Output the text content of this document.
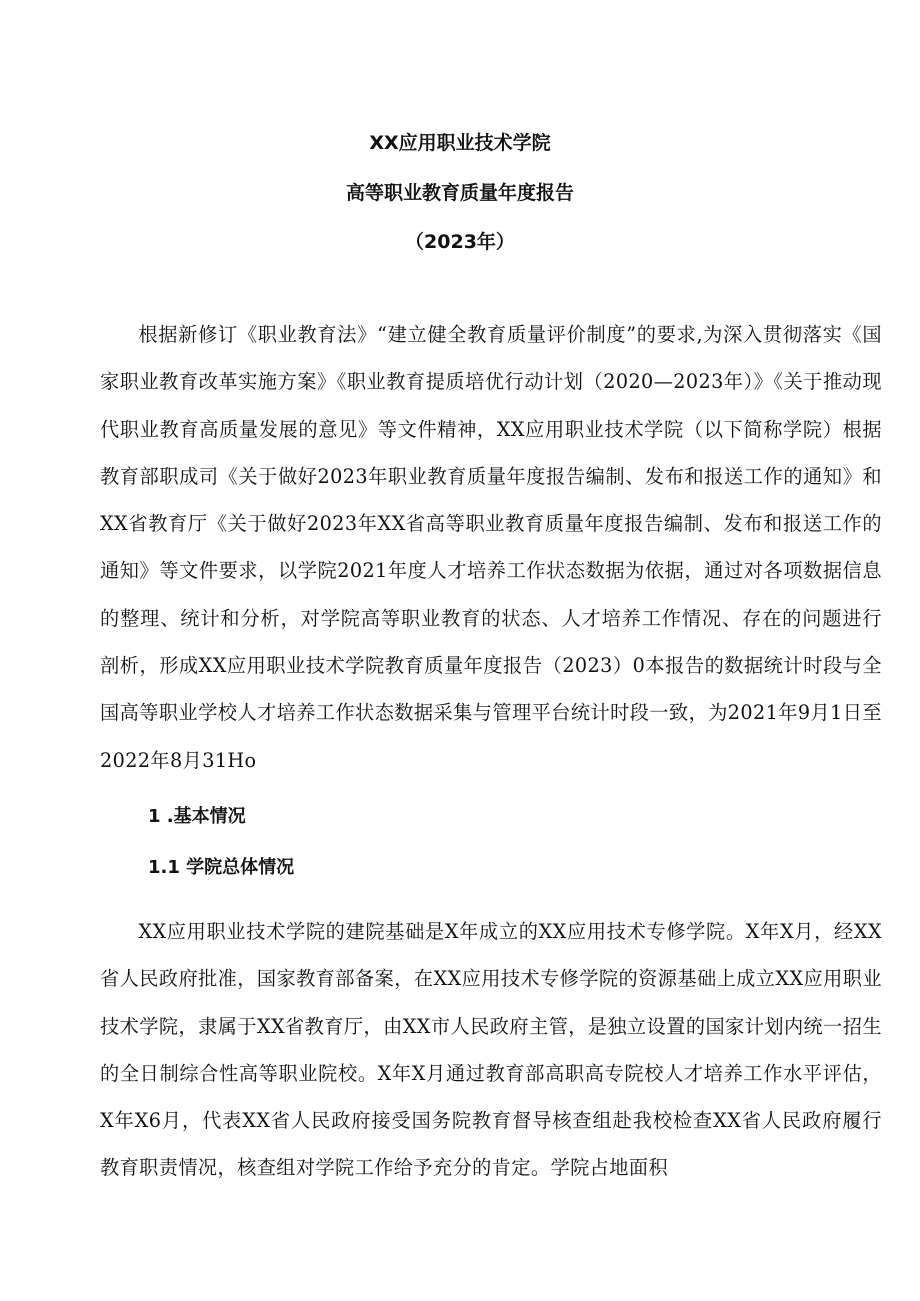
XX应用职业技术学院
高等职业教育质量年度报告
（2023年）

根据新修订《职业教育法》“建立健全教育质量评价制度”的要求,为深入贯彻落实《国家职业教育改革实施方案》《职业教育提质培优行动计划（2020—2023年）》《关于推动现代职业教育高质量发展的意见》等文件精神，XX应用职业技术学院（以下简称学院）根据教育部职成司《关于做好2023年职业教育质量年度报告编制、发布和报送工作的通知》和XX省教育厅《关于做好2023年XX省高等职业教育质量年度报告编制、发布和报送工作的通知》等文件要求，以学院2021年度人才培养工作状态数据为依据，通过对各项数据信息的整理、统计和分析，对学院高等职业教育的状态、人才培养工作情况、存在的问题进行剖析，形成XX应用职业技术学院教育质量年度报告（2023）0本报告的数据统计时段与全国高等职业学校人才培养工作状态数据采集与管理平台统计时段一致，为2021年9月1日至2022年8月31Ho

1 .基本情况
1.1 学院总体情况

XX应用职业技术学院的建院基础是X年成立的XX应用技术专修学院。X年X月，经XX省人民政府批准，国家教育部备案，在XX应用技术专修学院的资源基础上成立XX应用职业技术学院，隶属于XX省教育厅，由XX市人民政府主管，是独立设置的国家计划内统一招生的全日制综合性高等职业院校。X年X月通过教育部高职高专院校人才培养工作水平评估，X年X6月，代表XX省人民政府接受国务院教育督导核查组赴我校检查XX省人民政府履行教育职责情况，核查组对学院工作给予充分的肯定。学院占地面积
